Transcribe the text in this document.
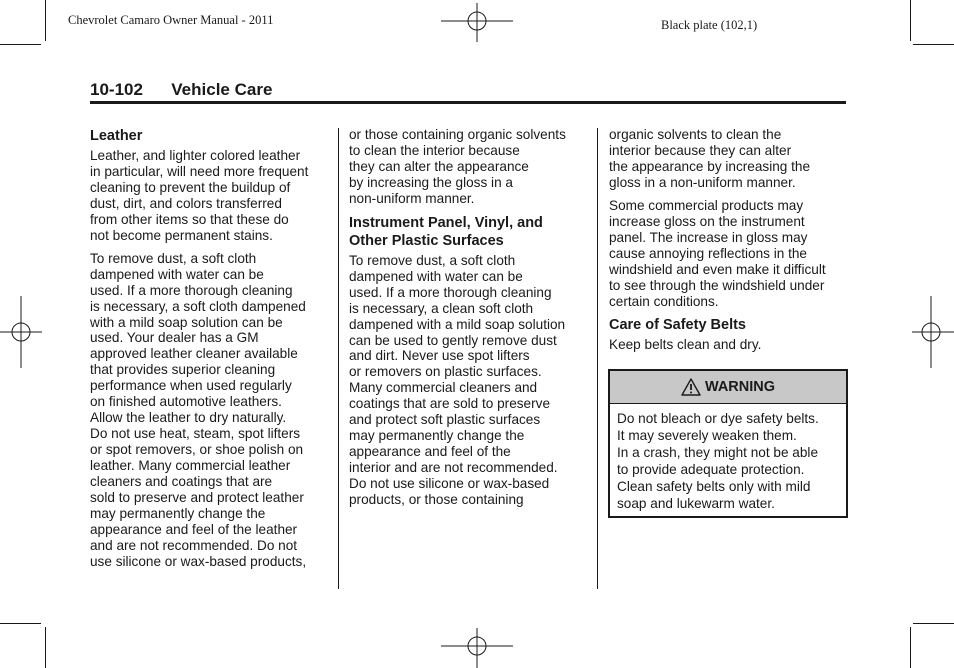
Chevrolet Camaro Owner Manual - 2011	Black plate (102,1)
10-102 Vehicle Care
Leather

Leather, and lighter colored leather
in particular, will need more frequent
cleaning to prevent the buildup of
dust, dirt, and colors transferred
from other items so that these do
not become permanent stains.

To remove dust, a soft cloth
dampened with water can be
used. If a more thorough cleaning
is necessary, a soft cloth dampened
with a mild soap solution can be
used. Your dealer has a GM
approved leather cleaner available
that provides superior cleaning
performance when used regularly
on finished automotive leathers.
Allow the leather to dry naturally.
Do not use heat, steam, spot lifters
or spot removers, or shoe polish on
leather. Many commercial leather
cleaners and coatings that are
sold to preserve and protect leather
may permanently change the
appearance and feel of the leather
and are not recommended. Do not
use silicone or wax-based products,

or those containing organic solvents
to clean the interior because
they can alter the appearance
by increasing the gloss in a
non-uniform manner.

Instrument Panel, Vinyl, and
Other Plastic Surfaces

To remove dust, a soft cloth
dampened with water can be
used. If a more thorough cleaning
is necessary, a clean soft cloth
dampened with a mild soap solution
can be used to gently remove dust
and dirt. Never use spot lifters
or removers on plastic surfaces.
Many commercial cleaners and
coatings that are sold to preserve
and protect soft plastic surfaces
may permanently change the
appearance and feel of the
interior and are not recommended.
Do not use silicone or wax-based
products, or those containing

organic solvents to clean the
interior because they can alter
the appearance by increasing the
gloss in a non-uniform manner.

Some commercial products may
increase gloss on the instrument
panel. The increase in gloss may
cause annoying reflections in the
windshield and even make it difficult
to see through the windshield under
certain conditions.

Care of Safety Belts

Keep belts clean and dry.

WARNING
Do not bleach or dye safety belts.
It may severely weaken them.
In a crash, they might not be able
to provide adequate protection.
Clean safety belts only with mild
soap and lukewarm water.
